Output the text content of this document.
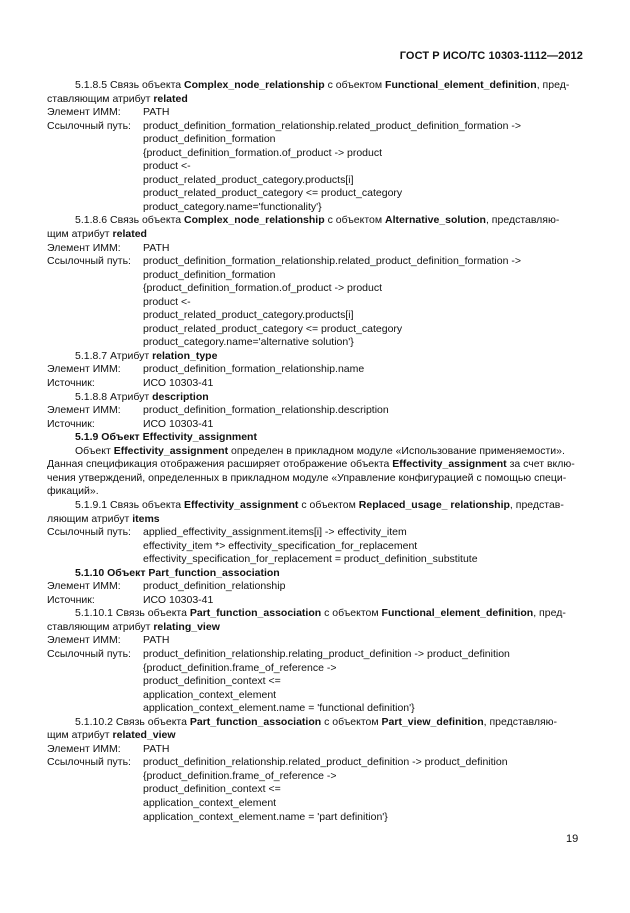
ГОСТ Р ИСО/ТС 10303-1112—2012
5.1.8.5 Связь объекта Complex_node_relationship с объектом Functional_element_definition, пред-
ставляющим атрибут related
Элемент ИММ:	PATH
Ссылочный путь:	product_definition_formation_relationship.related_product_definition_formation ->
product_definition_formation
{product_definition_formation.of_product -> product
product <-
product_related_product_category.products[i]
product_related_product_category <= product_category
product_category.name='functionality'}
5.1.8.6 Связь объекта Complex_node_relationship с объектом Alternative_solution, представляю-
щим атрибут related
Элемент ИММ:	PATH
Ссылочный путь:	product_definition_formation_relationship.related_product_definition_formation ->
product_definition_formation
{product_definition_formation.of_product -> product
product <-
product_related_product_category.products[i]
product_related_product_category <= product_category
product_category.name='alternative solution'}
5.1.8.7 Атрибут relation_type
Элемент ИММ:	product_definition_formation_relationship.name
Источник:	ИСО 10303-41
5.1.8.8 Атрибут description
Элемент ИММ:	product_definition_formation_relationship.description
Источник:	ИСО 10303-41
5.1.9 Объект Effectivity_assignment
Объект Effectivity_assignment определен в прикладном модуле «Использование применяемости».
Данная спецификация отображения расширяет отображение объекта Effectivity_assignment за счет вклю-
чения утверждений, определенных в прикладном модуле «Управление конфигурацией с помощью специ-
фикаций».
5.1.9.1 Связь объекта Effectivity_assignment с объектом Replaced_usage_ relationship, представ-
ляющим атрибут items
Ссылочный путь:	applied_effectivity_assignment.items[i] -> effectivity_item
effectivity_item *> effectivity_specification_for_replacement
effectivity_specification_for_replacement = product_definition_substitute
5.1.10 Объект Part_function_association
Элемент ИММ:	product_definition_relationship
Источник:	ИСО 10303-41
5.1.10.1 Связь объекта Part_function_association с объектом Functional_element_definition, пред-
ставляющим атрибут relating_view
Элемент ИММ:	PATH
Ссылочный путь:	product_definition_relationship.relating_product_definition -> product_definition
{product_definition.frame_of_reference ->
product_definition_context <=
application_context_element
application_context_element.name = 'functional definition'}
5.1.10.2 Связь объекта Part_function_association с объектом Part_view_definition, представляю-
щим атрибут related_view
Элемент ИММ:	PATH
Ссылочный путь:	product_definition_relationship.related_product_definition -> product_definition
{product_definition.frame_of_reference ->
product_definition_context <=
application_context_element
application_context_element.name = 'part definition'}
19
